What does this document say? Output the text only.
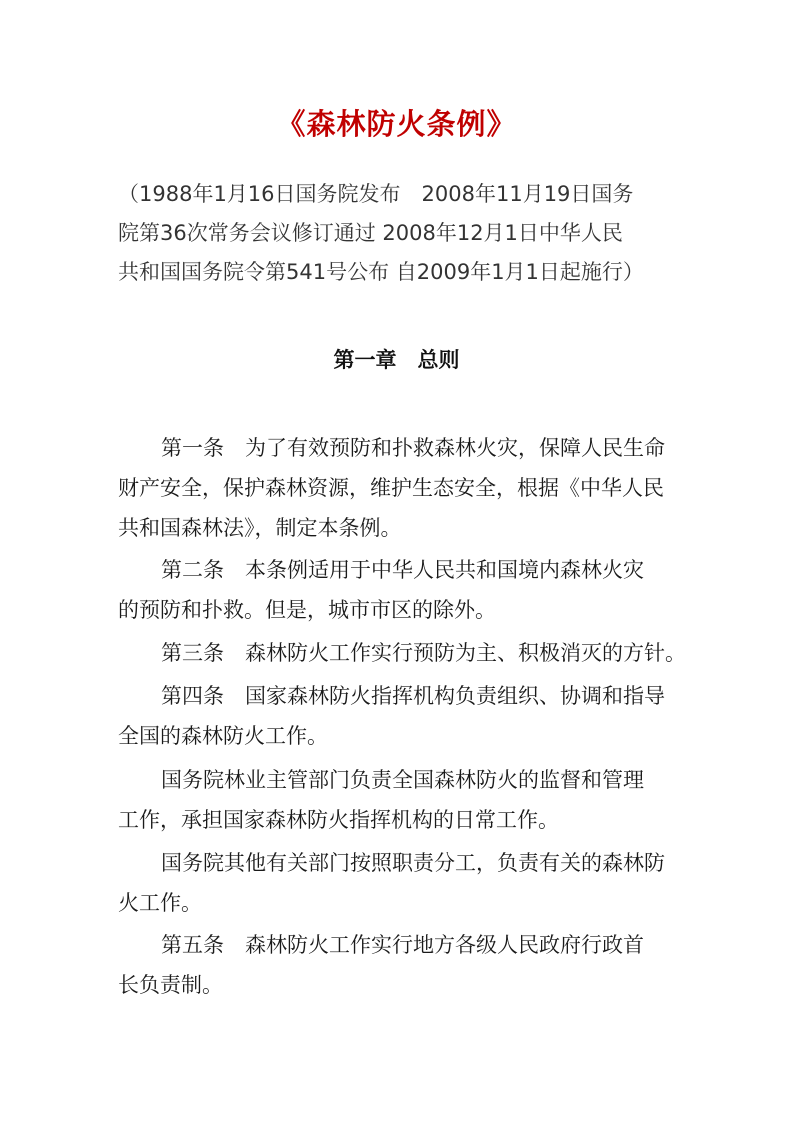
《森林防火条例》
（1988年1月16日国务院发布　2008年11月19日国务
院第36次常务会议修订通过 2008年12月1日中华人民
共和国国务院令第541号公布 自2009年1月1日起施行）
第一章　总则
第一条　为了有效预防和扑救森林火灾，保障人民生命
财产安全，保护森林资源，维护生态安全，根据《中华人民
共和国森林法》，制定本条例。
第二条　本条例适用于中华人民共和国境内森林火灾
的预防和扑救。但是，城市市区的除外。
第三条　森林防火工作实行预防为主、积极消灭的方针。
第四条　国家森林防火指挥机构负责组织、协调和指导
全国的森林防火工作。
国务院林业主管部门负责全国森林防火的监督和管理
工作，承担国家森林防火指挥机构的日常工作。
国务院其他有关部门按照职责分工，负责有关的森林防
火工作。
第五条　森林防火工作实行地方各级人民政府行政首
长负责制。
